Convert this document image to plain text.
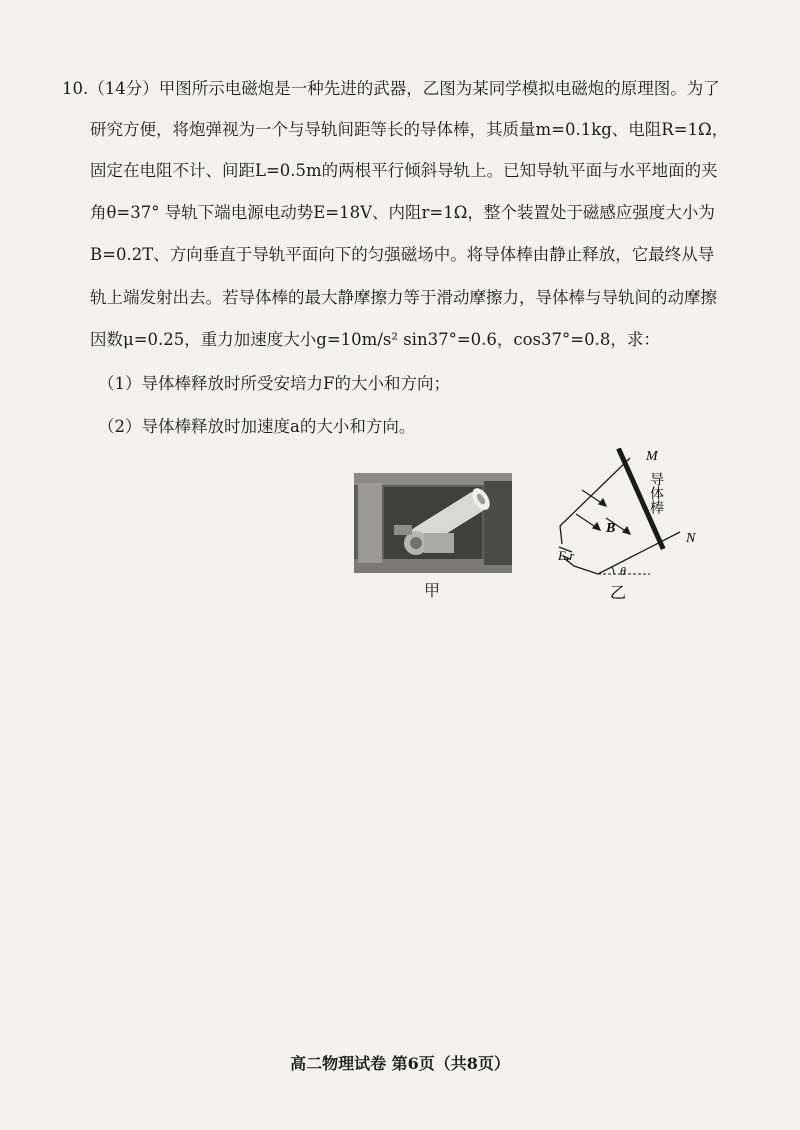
10.（14分）甲图所示电磁炮是一种先进的武器，乙图为某同学模拟电磁炮的原理图。为了
研究方便，将炮弹视为一个与导轨间距等长的导体棒，其质量m=0.1kg、电阻R=1Ω，
固定在电阻不计、间距L=0.5m的两根平行倾斜导轨上。已知导轨平面与水平地面的夹
角θ=37° 导轨下端电源电动势E=18V、内阻r=1Ω，整个装置处于磁感应强度大小为
B=0.2T、方向垂直于导轨平面向下的匀强磁场中。将导体棒由静止释放，它最终从导
轨上端发射出去。若导体棒的最大静摩擦力等于滑动摩擦力，导体棒与导轨间的动摩擦
因数μ=0.25，重力加速度大小g=10m/s² sin37°=0.6，cos37°=0.8，求：
（1）导体棒释放时所受安培力F的大小和方向；
（2）导体棒释放时加速度a的大小和方向。
甲
M
N
B
E,r
θ
导体棒
乙
高二物理试卷 第6页（共8页）
